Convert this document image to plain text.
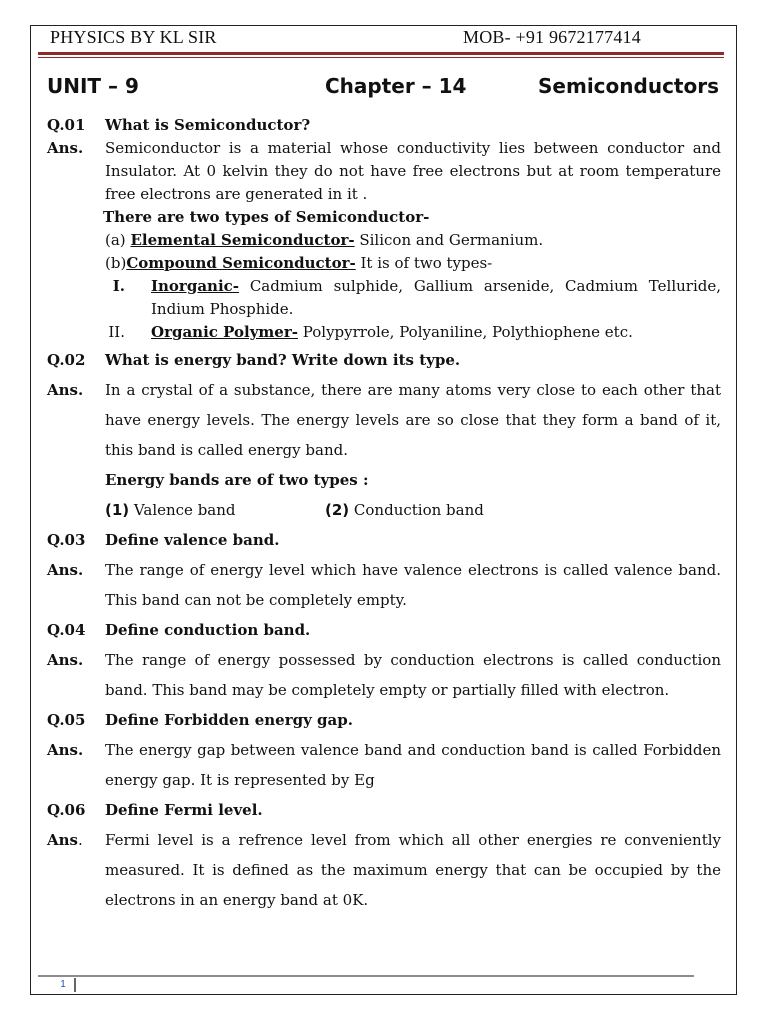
PHYSICS BY KL SIR	MOB- +91 9672177414
UNIT – 9	Chapter – 14	Semiconductors
Q.01	What is Semiconductor?
Ans.	Semiconductor is a material whose conductivity lies between conductor and Insulator. At 0 kelvin they do not have free electrons but at room temperature free electrons are generated in it .
There are two types of Semiconductor-
(a) Elemental Semiconductor- Silicon and Germanium.
(b)Compound Semiconductor- It is of two types-
I.	Inorganic- Cadmium sulphide, Gallium arsenide, Cadmium Telluride, Indium Phosphide.
II.	Organic Polymer- Polypyrrole, Polyaniline, Polythiophene etc.
Q.02	What is energy band? Write down its type.
Ans.	In a crystal of a substance, there are many atoms very close to each other that have energy levels. The energy levels are so close that they form a band of it, this band is called energy band.
Energy bands are of two types :
(1) Valence band	(2) Conduction band
Q.03	Define valence band.
Ans.	The range of energy level which have valence electrons is called valence band. This band can not be completely empty.
Q.04	Define conduction band.
Ans.	The range of energy possessed by conduction electrons is called conduction band. This band may be completely empty or partially filled with electron.
Q.05	Define Forbidden energy gap.
Ans.	The energy gap between valence band and conduction band is called Forbidden energy gap. It is represented by Eg
Q.06	Define Fermi level.
Ans.	Fermi level is a refrence level from which all other energies re conveniently measured. It is defined as the maximum energy that can be occupied by the electrons in an energy band at 0K.
1
